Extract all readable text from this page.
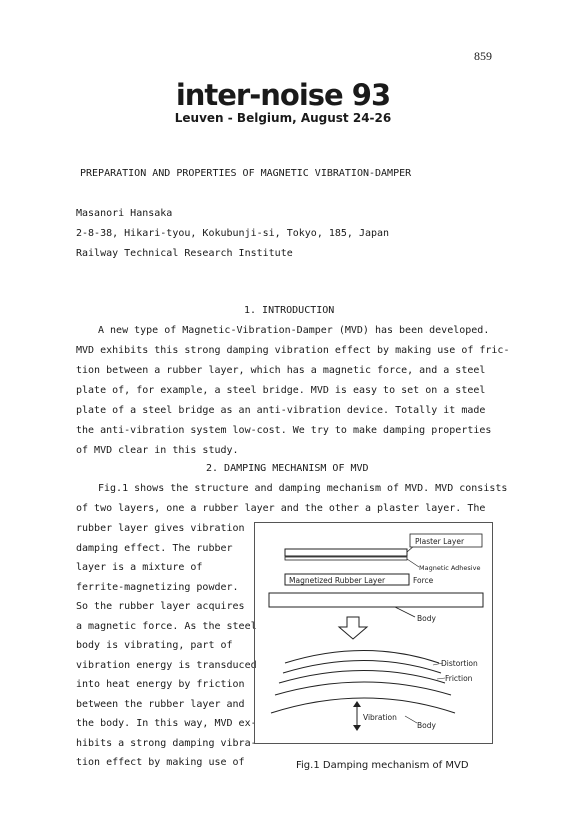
859
inter-noise 93
Leuven - Belgium, August 24-26
PREPARATION AND PROPERTIES OF MAGNETIC VIBRATION-DAMPER
Masanori Hansaka
2-8-38, Hikari-tyou, Kokubunji-si, Tokyo, 185, Japan
Railway Technical Research Institute
1. INTRODUCTION
A new type of Magnetic-Vibration-Damper (MVD) has been developed.
MVD exhibits this strong damping vibration effect by making use of fric-
tion between a rubber layer, which has a magnetic force, and a steel
plate of, for example, a steel bridge. MVD is easy to set on a steel
plate of a steel bridge as an anti-vibration device. Totally it made
the anti-vibration system low-cost. We try to make damping properties
of MVD clear in this study.
2. DAMPING MECHANISM OF MVD
Fig.1 shows the structure and damping mechanism of MVD. MVD consists
of two layers, one a rubber layer and the other a plaster layer. The
rubber layer gives vibration
damping effect. The rubber
layer is a mixture of
ferrite-magnetizing powder.
So the rubber layer acquires
a magnetic force. As the steel
body is vibrating, part of
vibration energy is transduced
into heat energy by friction
between the rubber layer and
the body. In this way, MVD ex-
hibits a strong damping vibra-
tion effect by making use of
Plaster Layer
Magnetic Adhesive
Magnetized Rubber Layer	Force
Body
Distortion
Friction
Vibration
Body
Fig.1 Damping mechanism of MVD
